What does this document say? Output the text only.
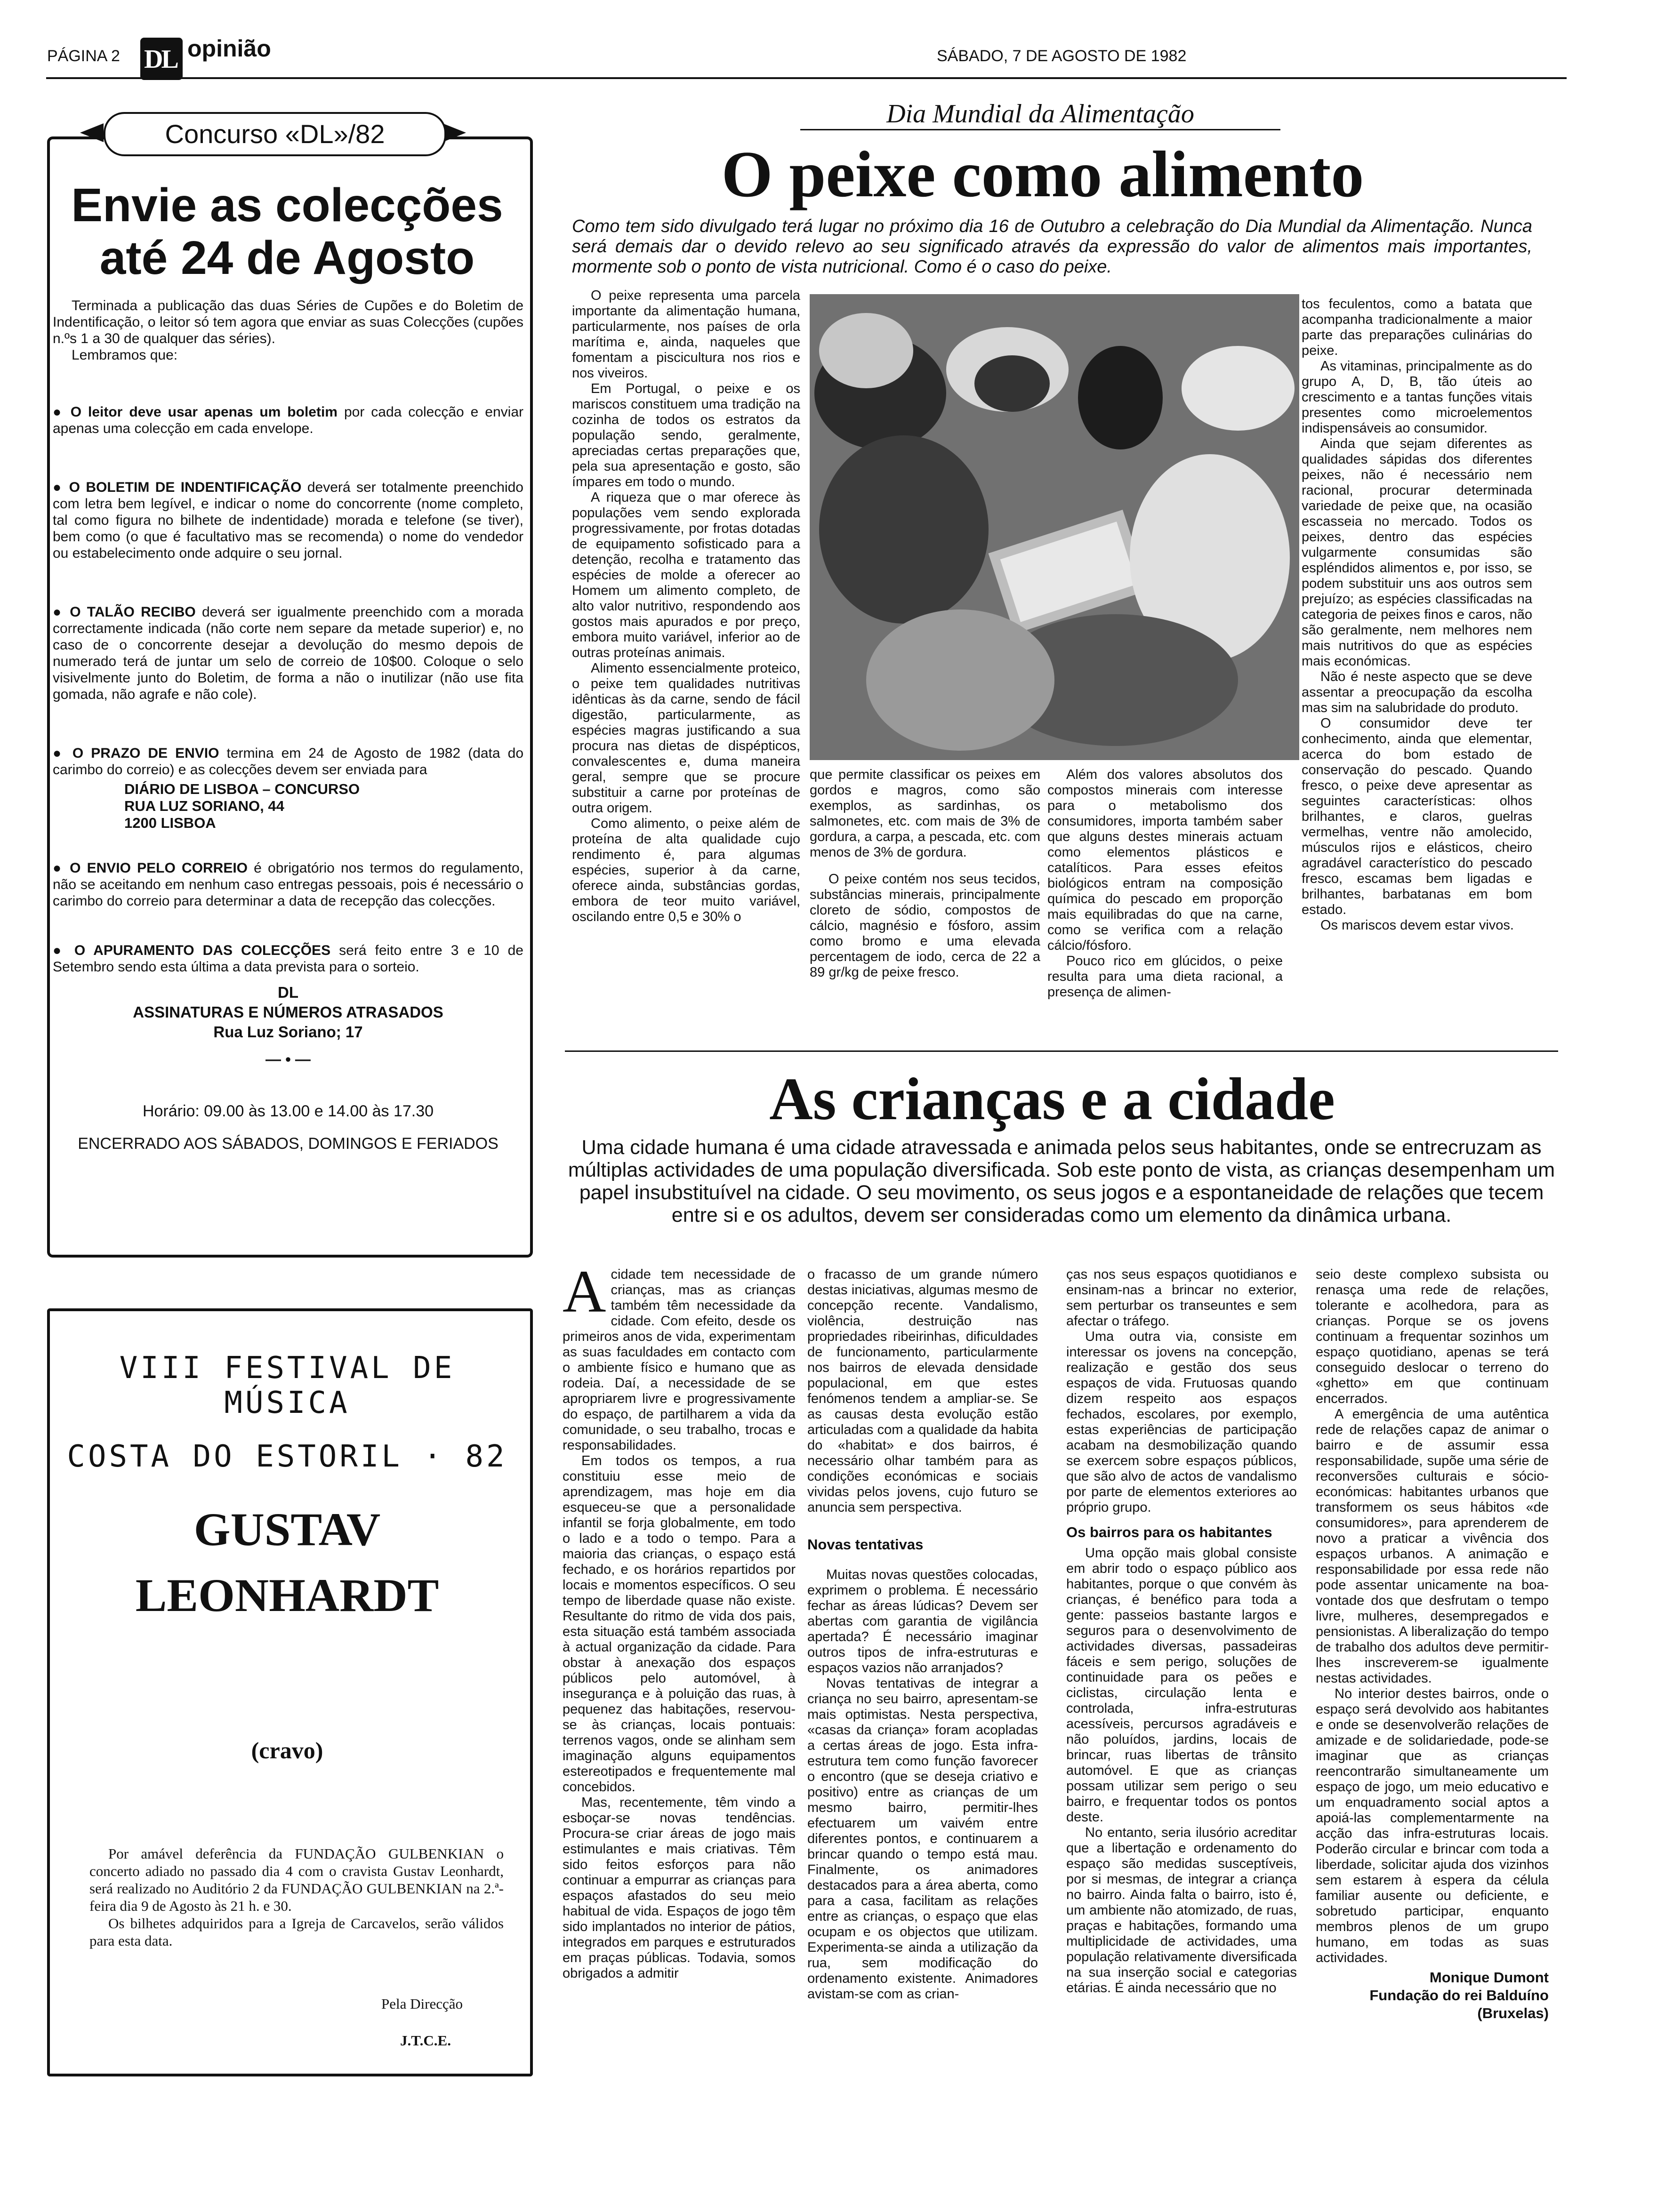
PÁGINA 2 DL opinião	SÁBADO, 7 DE AGOSTO DE 1982
Concurso «DL»/82
Envie as colecções
até 24 de Agosto

Terminada a publicação das duas Séries de Cupões e do Boletim de Indentificação, o leitor só tem agora que enviar as suas Colecções (cupões n.ºs 1 a 30 de qualquer das séries).

Lembramos que:

● O leitor deve usar apenas um boletim por cada colecção e enviar apenas uma colecção em cada envelope.

● O BOLETIM DE INDENTIFICAÇÃO deverá ser totalmente preenchido com letra bem legível, e indicar o nome do concorrente (nome completo, tal como figura no bilhete de indentidade) morada e telefone (se tiver), bem como (o que é facultativo mas se recomenda) o nome do vendedor ou estabelecimento onde adquire o seu jornal.

● O TALÃO RECIBO deverá ser igualmente preenchido com a morada correctamente indicada (não corte nem separe da metade superior) e, no caso de o concorrente desejar a devolução do mesmo depois de numerado terá de juntar um selo de correio de 10$00. Coloque o selo visivelmente junto do Boletim, de forma a não o inutilizar (não use fita gomada, não agrafe e não cole).

● O PRAZO DE ENVIO termina em 24 de Agosto de 1982 (data do carimbo do correio) e as colecções devem ser enviada para

DIÁRIO DE LISBOA – CONCURSO
RUA LUZ SORIANO, 44
1200 LISBOA

● O ENVIO PELO CORREIO é obrigatório nos termos do regulamento, não se aceitando em nenhum caso entregas pessoais, pois é necessário o carimbo do correio para determinar a data de recepção das colecções.

● O APURAMENTO DAS COLECÇÕES será feito entre 3 e 10 de Setembro sendo esta última a data prevista para o sorteio.

DL
ASSINATURAS E NÚMEROS ATRASADOS
Rua Luz Soriano; 17
— • —
Horário: 09.00 às 13.00 e 14.00 às 17.30
ENCERRADO AOS SÁBADOS, DOMINGOS E FERIADOS
VIII FESTIVAL DE MÚSICA
COSTA DO ESTORIL · 82
GUSTAV
LEONHARDT
(cravo)

Por amável deferência da FUNDAÇÃO GULBENKIAN o concerto adiado no passado dia 4 com o cravista Gustav Leonhardt, será realizado no Auditório 2 da FUNDAÇÃO GULBENKIAN na 2.ª-feira dia 9 de Agosto às 21 h. e 30.

Os bilhetes adquiridos para a Igreja de Carcavelos, serão válidos para esta data.

Pela Direcção
J.T.C.E.
Dia Mundial da Alimentação
O peixe como alimento
Como tem sido divulgado terá lugar no próximo dia 16 de Outubro a celebração do Dia Mundial da Alimentação. Nunca será demais dar o devido relevo ao seu significado através da expressão do valor de alimentos mais importantes, mormente sob o ponto de vista nutricional. Como é o caso do peixe.

O peixe representa uma parcela importante da alimentação humana, particularmente, nos países de orla marítima e, ainda, naqueles que fomentam a piscicultura nos rios e nos viveiros.

Em Portugal, o peixe e os mariscos constituem uma tradição na cozinha de todos os estratos da população sendo, geralmente, apreciadas certas preparações que, pela sua apresentação e gosto, são ímpares em todo o mundo.

A riqueza que o mar oferece às populações vem sendo explorada progressivamente, por frotas dotadas de equipamento sofisticado para a detenção, recolha e tratamento das espécies de molde a oferecer ao Homem um alimento completo, de alto valor nutritivo, respondendo aos gostos mais apurados e por preço, embora muito variável, inferior ao de outras proteínas animais.

Alimento essencialmente proteico, o peixe tem qualidades nutritivas idênticas às da carne, sendo de fácil digestão, particularmente, as espécies magras justificando a sua procura nas dietas de dispépticos, convalescentes e, duma maneira geral, sempre que se procure substituir a carne por proteínas de outra origem.

Como alimento, o peixe além de proteína de alta qualidade cujo rendimento é, para algumas espécies, superior à da carne, oferece ainda, substâncias gordas, embora de teor muito variável, oscilando entre 0,5 e 30% o

que permite classificar os peixes em gordos e magros, como são exemplos, as sardinhas, os salmonetes, etc. com mais de 3% de gordura, a carpa, a pescada, etc. com menos de 3% de gordura.

O peixe contém nos seus tecidos, substâncias minerais, principalmente cloreto de sódio, compostos de cálcio, magnésio e fósforo, assim como bromo e uma elevada percentagem de iodo, cerca de 22 a 89 gr/kg de peixe fresco.

Além dos valores absolutos dos compostos minerais com interesse para o metabolismo dos consumidores, importa também saber que alguns destes minerais actuam como elementos plásticos e catalíticos. Para esses efeitos biológicos entram na composição química do pescado em proporção mais equilibradas do que na carne, como se verifica com a relação cálcio/fósforo.

Pouco rico em glúcidos, o peixe resulta para uma dieta racional, a presença de alimen-

tos feculentos, como a batata que acompanha tradicionalmente a maior parte das preparações culinárias do peixe.

As vitaminas, principalmente as do grupo A, D, B, tão úteis ao crescimento e a tantas funções vitais presentes como microelementos indispensáveis ao consumidor.

Ainda que sejam diferentes as qualidades sápidas dos diferentes peixes, não é necessário nem racional, procurar determinada variedade de peixe que, na ocasião escasseia no mercado. Todos os peixes, dentro das espécies vulgarmente consumidas são espléndidos alimentos e, por isso, se podem substituir uns aos outros sem prejuízo; as espécies classificadas na categoria de peixes finos e caros, não são geralmente, nem melhores nem mais nutritivos do que as espécies mais económicas.

Não é neste aspecto que se deve assentar a preocupação da escolha mas sim na salubridade do produto.

O consumidor deve ter conhecimento, ainda que elementar, acerca do bom estado de conservação do pescado. Quando fresco, o peixe deve apresentar as seguintes características: olhos brilhantes, e claros, guelras vermelhas, ventre não amolecido, músculos rijos e elásticos, cheiro agradável característico do pescado fresco, escamas bem ligadas e brilhantes, barbatanas em bom estado.

Os mariscos devem estar vivos.

As crianças e a cidade
Uma cidade humana é uma cidade atravessada e animada pelos seus habitantes, onde se entrecruzam as múltiplas actividades de uma população diversificada. Sob este ponto de vista, as crianças desempenham um papel insubstituível na cidade. O seu movimento, os seus jogos e a espontaneidade de relações que tecem entre si e os adultos, devem ser consideradas como um elemento da dinâmica urbana.

Acidade tem necessidade de crianças, mas as crianças também têm necessidade da cidade. Com efeito, desde os primeiros anos de vida, experimentam as suas faculdades em contacto com o ambiente físico e humano que as rodeia. Daí, a necessidade de se apropriarem livre e progressivamente do espaço, de partilharem a vida da comunidade, o seu trabalho, trocas e responsabilidades.

Em todos os tempos, a rua constituiu esse meio de aprendizagem, mas hoje em dia esqueceu-se que a personalidade infantil se forja globalmente, em todo o lado e a todo o tempo. Para a maioria das crianças, o espaço está fechado, e os horários repartidos por locais e momentos específicos. O seu tempo de liberdade quase não existe. Resultante do ritmo de vida dos pais, esta situação está também associada à actual organização da cidade. Para obstar à anexação dos espaços públicos pelo automóvel, à insegurança e à poluição das ruas, à pequenez das habitações, reservou-se às crianças, locais pontuais: terrenos vagos, onde se alinham sem imaginação alguns equipamentos estereotipados e frequentemente mal concebidos.

Mas, recentemente, têm vindo a esboçar-se novas tendências. Procura-se criar áreas de jogo mais estimulantes e mais criativas. Têm sido feitos esforços para não continuar a empurrar as crianças para espaços afastados do seu meio habitual de vida. Espaços de jogo têm sido implantados no interior de pátios, integrados em parques e estruturados em praças públicas. Todavia, somos obrigados a admitir

o fracasso de um grande número destas iniciativas, algumas mesmo de concepção recente. Vandalismo, violência, destruição nas propriedades ribeirinhas, dificuldades de funcionamento, particularmente nos bairros de elevada densidade populacional, em que estes fenómenos tendem a ampliar-se. Se as causas desta evolução estão articuladas com a qualidade da habita do «habitat» e dos bairros, é necessário olhar também para as condições económicas e sociais vividas pelos jovens, cujo futuro se anuncia sem perspectiva.

Novas tentativas

Muitas novas questões colocadas, exprimem o problema. É necessário fechar as áreas lúdicas? Devem ser abertas com garantia de vigilância apertada? É necessário imaginar outros tipos de infra-estruturas e espaços vazios não arranjados?

Novas tentativas de integrar a criança no seu bairro, apresentam-se mais optimistas. Nesta perspectiva, «casas da criança» foram acopladas a certas áreas de jogo. Esta infra-estrutura tem como função favorecer o encontro (que se deseja criativo e positivo) entre as crianças de um mesmo bairro, permitir-lhes efectuarem um vaivém entre diferentes pontos, e continuarem a brincar quando o tempo está mau. Finalmente, os animadores destacados para a área aberta, como para a casa, facilitam as relações entre as crianças, o espaço que elas ocupam e os objectos que utilizam. Experimenta-se ainda a utilização da rua, sem modificação do ordenamento existente. Animadores avistam-se com as crian-

ças nos seus espaços quotidianos e ensinam-nas a brincar no exterior, sem perturbar os transeuntes e sem afectar o tráfego.

Uma outra via, consiste em interessar os jovens na concepção, realização e gestão dos seus espaços de vida. Frutuosas quando dizem respeito aos espaços fechados, escolares, por exemplo, estas experiências de participação acabam na desmobilização quando se exercem sobre espaços públicos, que são alvo de actos de vandalismo por parte de elementos exteriores ao próprio grupo.

Os bairros para os habitantes

Uma opção mais global consiste em abrir todo o espaço público aos habitantes, porque o que convém às crianças, é benéfico para toda a gente: passeios bastante largos e seguros para o desenvolvimento de actividades diversas, passadeiras fáceis e sem perigo, soluções de continuidade para os peões e ciclistas, circulação lenta e controlada, infra-estruturas acessíveis, percursos agradáveis e não poluídos, jardins, locais de brincar, ruas libertas de trânsito automóvel. E que as crianças possam utilizar sem perigo o seu bairro, e frequentar todos os pontos deste.

No entanto, seria ilusório acreditar que a libertação e ordenamento do espaço são medidas susceptíveis, por si mesmas, de integrar a criança no bairro. Ainda falta o bairro, isto é, um ambiente não atomizado, de ruas, praças e habitações, formando uma multiplicidade de actividades, uma população relativamente diversificada na sua inserção social e categorias etárias. É ainda necessário que no

seio deste complexo subsista ou renasça uma rede de relações, tolerante e acolhedora, para as crianças. Porque se os jovens continuam a frequentar sozinhos um espaço quotidiano, apenas se terá conseguido deslocar o terreno do «ghetto» em que continuam encerrados.

A emergência de uma autêntica rede de relações capaz de animar o bairro e de assumir essa responsabilidade, supõe uma série de reconversões culturais e sócio-económicas: habitantes urbanos que transformem os seus hábitos «de consumidores», para aprenderem de novo a praticar a vivência dos espaços urbanos. A animação e responsabilidade por essa rede não pode assentar unicamente na boa-vontade dos que desfrutam o tempo livre, mulheres, desempregados e pensionistas. A liberalização do tempo de trabalho dos adultos deve permitir-lhes inscreverem-se igualmente nestas actividades.

No interior destes bairros, onde o espaço será devolvido aos habitantes e onde se desenvolverão relações de amizade e de solidariedade, pode-se imaginar que as crianças reencontrarão simultaneamente um espaço de jogo, um meio educativo e um enquadramento social aptos a apoiá-las complementarmente na acção das infra-estruturas locais. Poderão circular e brincar com toda a liberdade, solicitar ajuda dos vizinhos sem estarem à espera da célula familiar ausente ou deficiente, e sobretudo participar, enquanto membros plenos de um grupo humano, em todas as suas actividades.

Monique Dumont
Fundação do rei Balduíno
(Bruxelas)
